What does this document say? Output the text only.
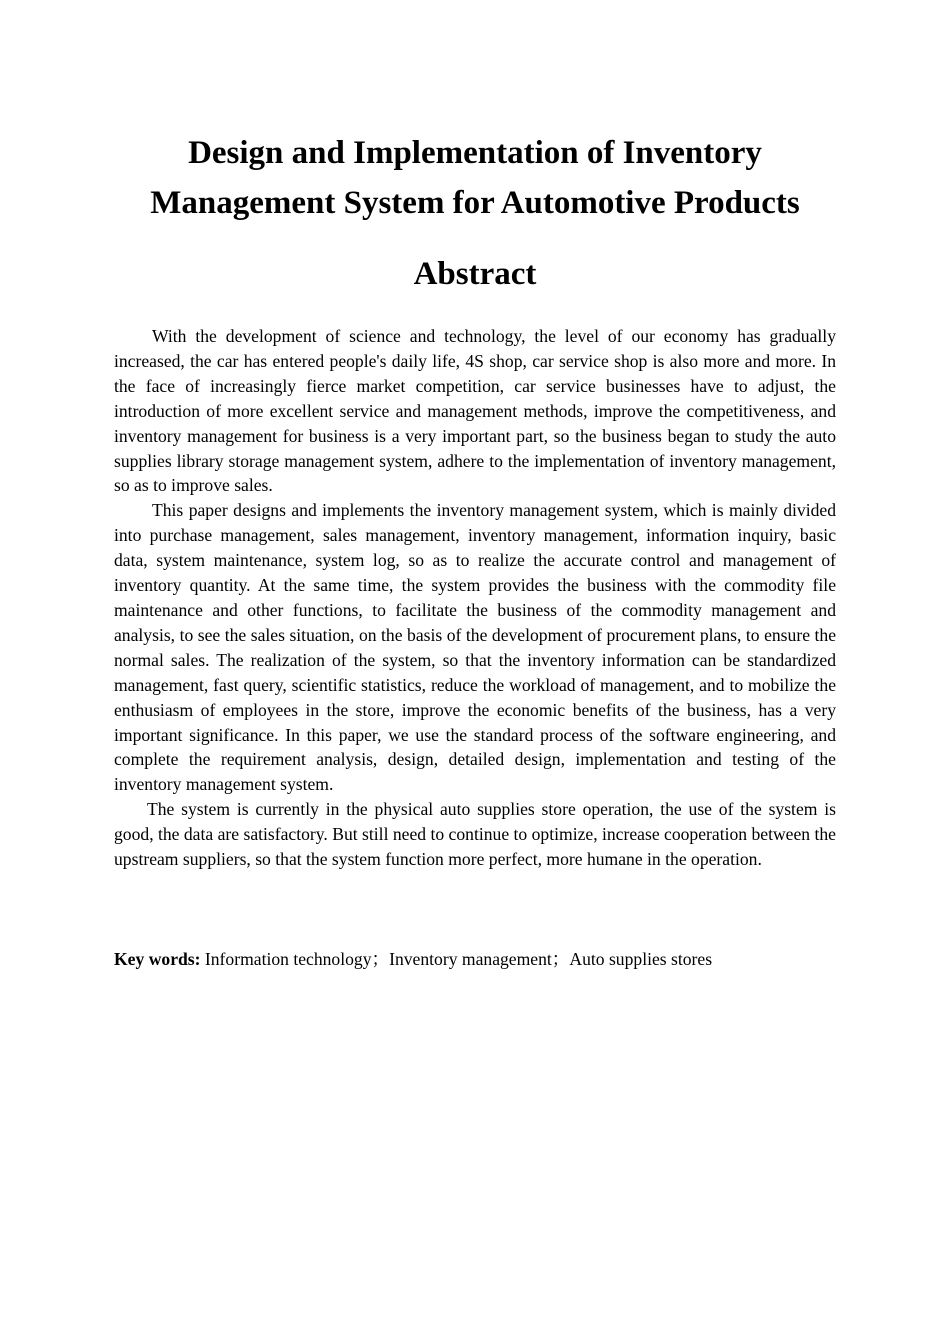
Design and Implementation of Inventory Management System for Automotive Products
Abstract

With the development of science and technology, the level of our economy has gradually increased, the car has entered people's daily life, 4S shop, car service shop is also more and more. In the face of increasingly fierce market competition, car service businesses have to adjust, the introduction of more excellent service and management methods, improve the competitiveness, and inventory management for business is a very important part, so the business began to study the auto supplies library storage management system, adhere to the implementation of inventory management, so as to improve sales.

This paper designs and implements the inventory management system, which is mainly divided into purchase management, sales management, inventory management, information inquiry, basic data, system maintenance, system log, so as to realize the accurate control and management of inventory quantity. At the same time, the system provides the business with the commodity file maintenance and other functions, to facilitate the business of the commodity management and analysis, to see the sales situation, on the basis of the development of procurement plans, to ensure the normal sales. The realization of the system, so that the inventory information can be standardized management, fast query, scientific statistics, reduce the workload of management, and to mobilize the enthusiasm of employees in the store, improve the economic benefits of the business, has a very important significance. In this paper, we use the standard process of the software engineering, and complete the requirement analysis, design, detailed design, implementation and testing of the inventory management system.

The system is currently in the physical auto supplies store operation, the use of the system is good, the data are satisfactory. But still need to continue to optimize, increase cooperation between the upstream suppliers, so that the system function more perfect, more humane in the operation.

Key words: Information technology；Inventory management；Auto supplies stores
